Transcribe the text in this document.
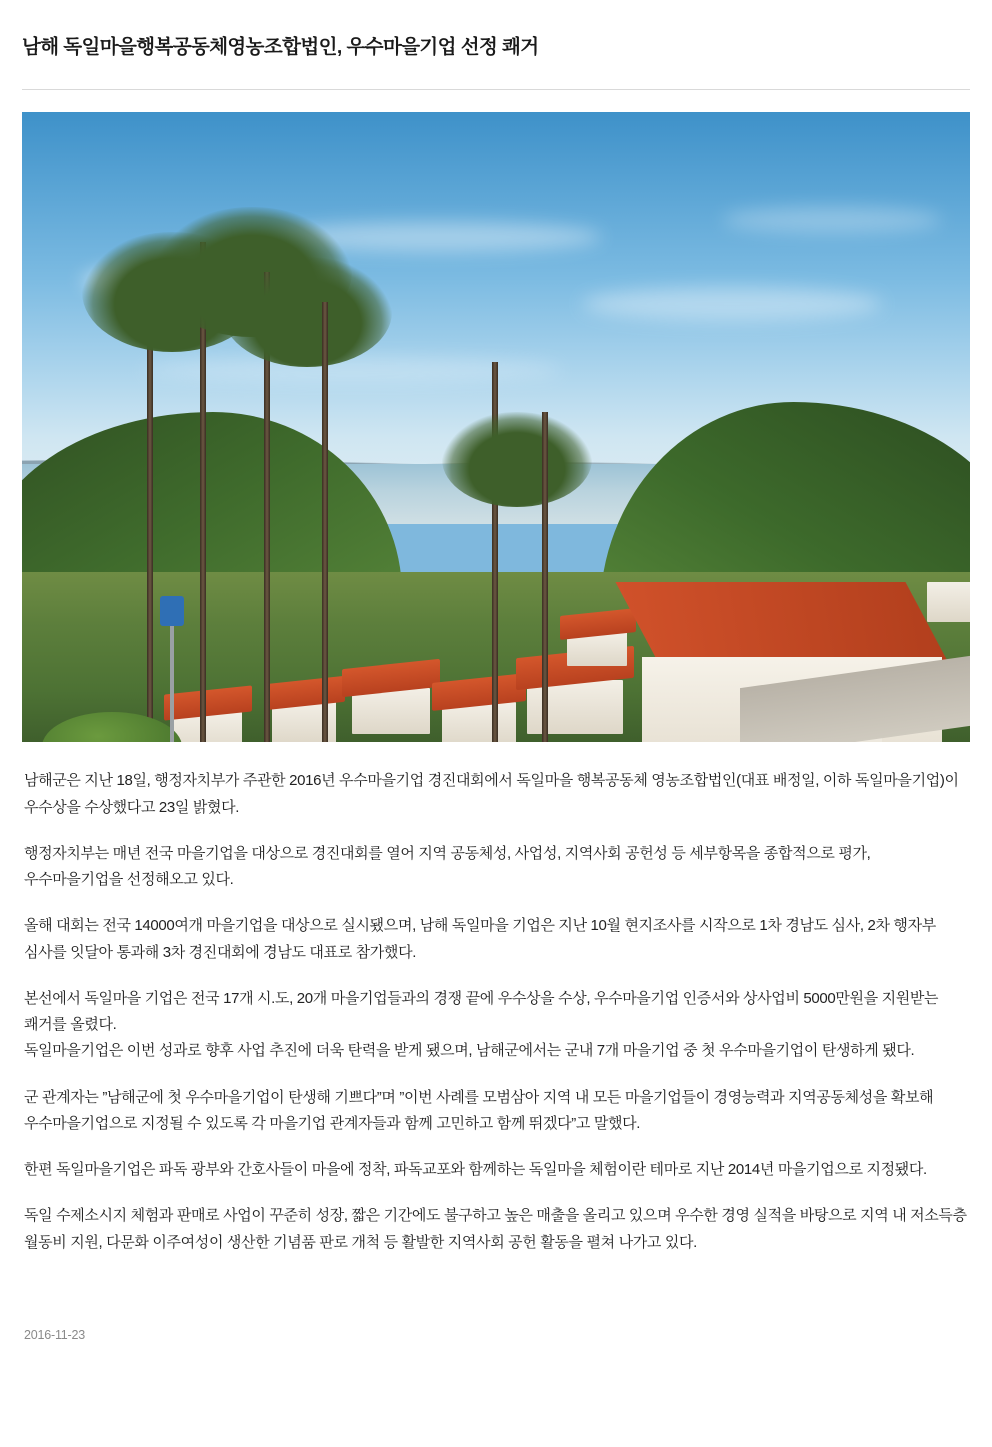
남해 독일마을행복공동체영농조합법인, 우수마을기업 선정 쾌거

남해군은 지난 18일, 행정자치부가 주관한 2016년 우수마을기업 경진대회에서 독일마을 행복공동체 영농조합법인(대표 배정일, 이하 독일마을기업)이 우수상을 수상했다고 23일 밝혔다.

행정자치부는 매년 전국 마을기업을 대상으로 경진대회를 열어 지역 공동체성, 사업성, 지역사회 공헌성 등 세부항목을 종합적으로 평가, 우수마을기업을 선정해오고 있다.

올해 대회는 전국 14000여개 마을기업을 대상으로 실시됐으며, 남해 독일마을 기업은 지난 10월 현지조사를 시작으로 1차 경남도 심사, 2차 행자부 심사를 잇달아 통과해 3차 경진대회에 경남도 대표로 참가했다.

본선에서 독일마을 기업은 전국 17개 시.도, 20개 마을기업들과의 경쟁 끝에 우수상을 수상, 우수마을기업 인증서와 상사업비 5000만원을 지원받는 쾌거를 올렸다.

독일마을기업은 이번 성과로 향후 사업 추진에 더욱 탄력을 받게 됐으며, 남해군에서는 군내 7개 마을기업 중 첫 우수마을기업이 탄생하게 됐다.

군 관계자는 ”남해군에 첫 우수마을기업이 탄생해 기쁘다”며 ”이번 사례를 모범삼아 지역 내 모든 마을기업들이 경영능력과 지역공동체성을 확보해 우수마을기업으로 지정될 수 있도록 각 마을기업 관계자들과 함께 고민하고 함께 뛰겠다”고 말했다.

한편 독일마을기업은 파독 광부와 간호사들이 마을에 정착, 파독교포와 함께하는 독일마을 체험이란 테마로 지난 2014년 마을기업으로 지정됐다.

독일 수제소시지 체험과 판매로 사업이 꾸준히 성장, 짧은 기간에도 불구하고 높은 매출을 올리고 있으며 우수한 경영 실적을 바탕으로 지역 내 저소득층 월동비 지원, 다문화 이주여성이 생산한 기념품 판로 개척 등 활발한 지역사회 공헌 활동을 펼쳐 나가고 있다.

2016-11-23
